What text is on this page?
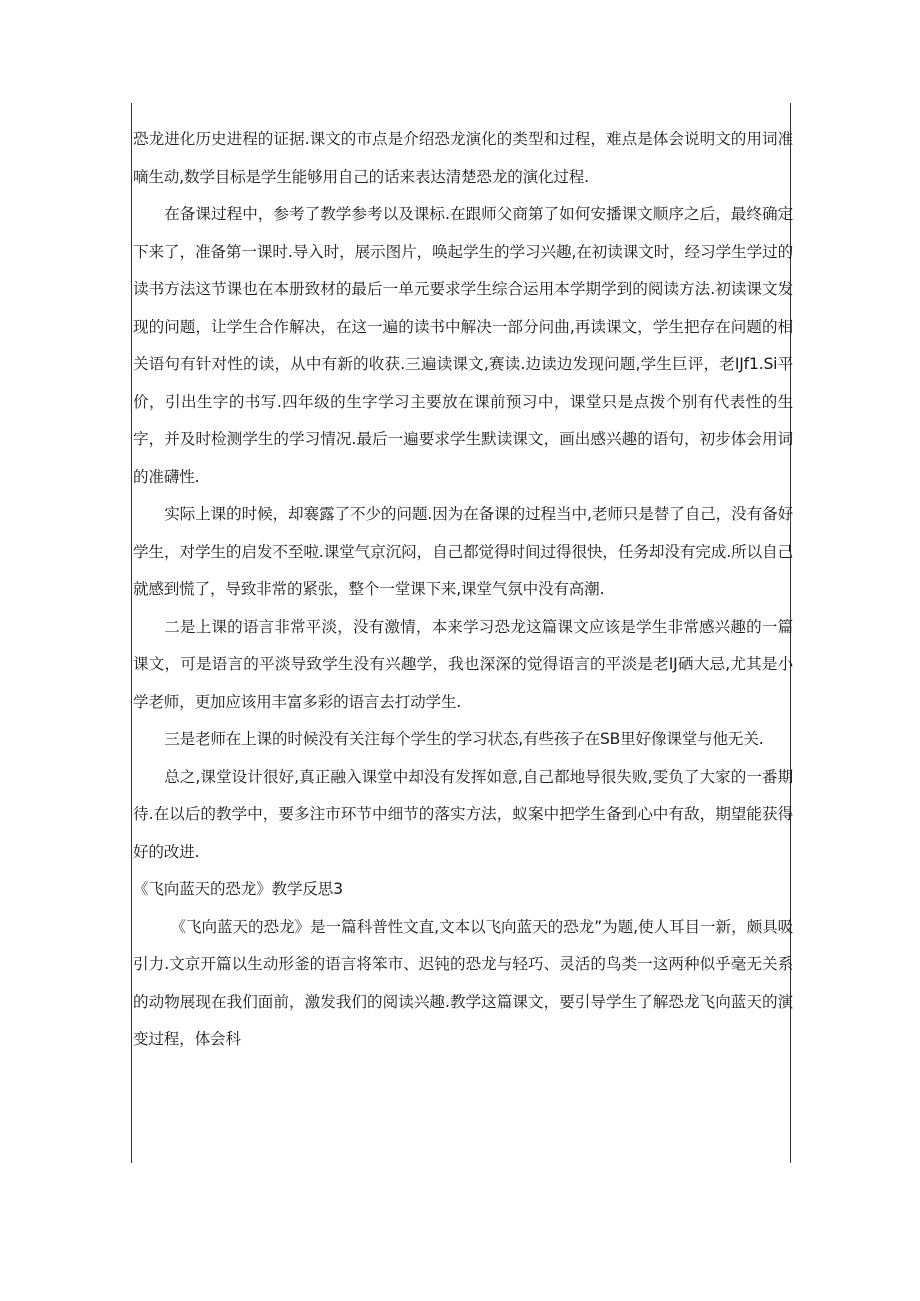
恐龙进化历史进程的证据.课文的市点是介绍恐龙演化的类型和过程，难点是体会说明文的用词准嘀生动,数学目标是学生能够用自己的话来表达清楚恐龙的演化过程.

在备课过程中，参考了教学参考以及课标.在跟师父商第了如何安播课文顺序之后，最终确定下来了，准备第一课时.导入时，展示图片，唤起学生的学习兴趣,在初读课文时，经习学生学过的读书方法这节课也在本册致材的最后一单元要求学生综合运用本学期学到的阅读方法.初读课文发现的问题，让学生合作解决，在这一遍的读书中解决一部分问曲,再读课文，学生把存在问题的相关语句有针对性的读，从中有新的收获.三遍读课文,赛读.边读边发现问题,学生巨评，老IJf1.Si平价，引出生字的书写.四年级的生字学习主要放在课前预习中，课堂只是点拨个别有代表性的生字，并及时检测学生的学习情况.最后一遍要求学生默读课文，画出感兴趣的语句，初步体会用词的准礴性.

实际上课的时候，却褰露了不少的问题.因为在备课的过程当中,老师只是替了自己，没有备好学生，对学生的启发不至啦.课堂气京沉闷，自己都觉得时间过得很快，任务却没有完成.所以自己就感到慌了，导致非常的紧张，整个一堂课下来,课堂气氛中没有高潮.

二是上课的语言非常平淡，没有激情，本来学习恐龙这篇课文应该是学生非常感兴趣的一篇课文，可是语言的平淡导致学生没有兴趣学，我也深深的觉得语言的平淡是老IJ硒大忌,尤其是小学老师，更加应该用丰富多彩的语言去打动学生.

三是老师在上课的时候没有关注每个学生的学习状态,有些孩子在SB里好像课堂与他无关.

总之,课堂设计很好,真正融入课堂中却没有发挥如意,自己都地导很失败,雯负了大家的一番期待.在以后的教学中，要多注市环节中细节的落实方法，蚁案中把学生备到心中有敌，期望能获得好的改进.

《飞向蓝天的恐龙》教学反思3

《飞向蓝天的恐龙》是一篇科普性文直,文本以飞向蓝天的恐龙”为题,使人耳目一新，颇具吸引力.文京开篇以生动形釜的语言将笨市、迟钝的恐龙与轻巧、灵活的鸟类一这两种似乎毫无关系的动物展现在我们面前，激发我们的阅读兴趣.教学这篇课文，要引导学生了解恐龙飞向蓝天的演变过程，体会科
